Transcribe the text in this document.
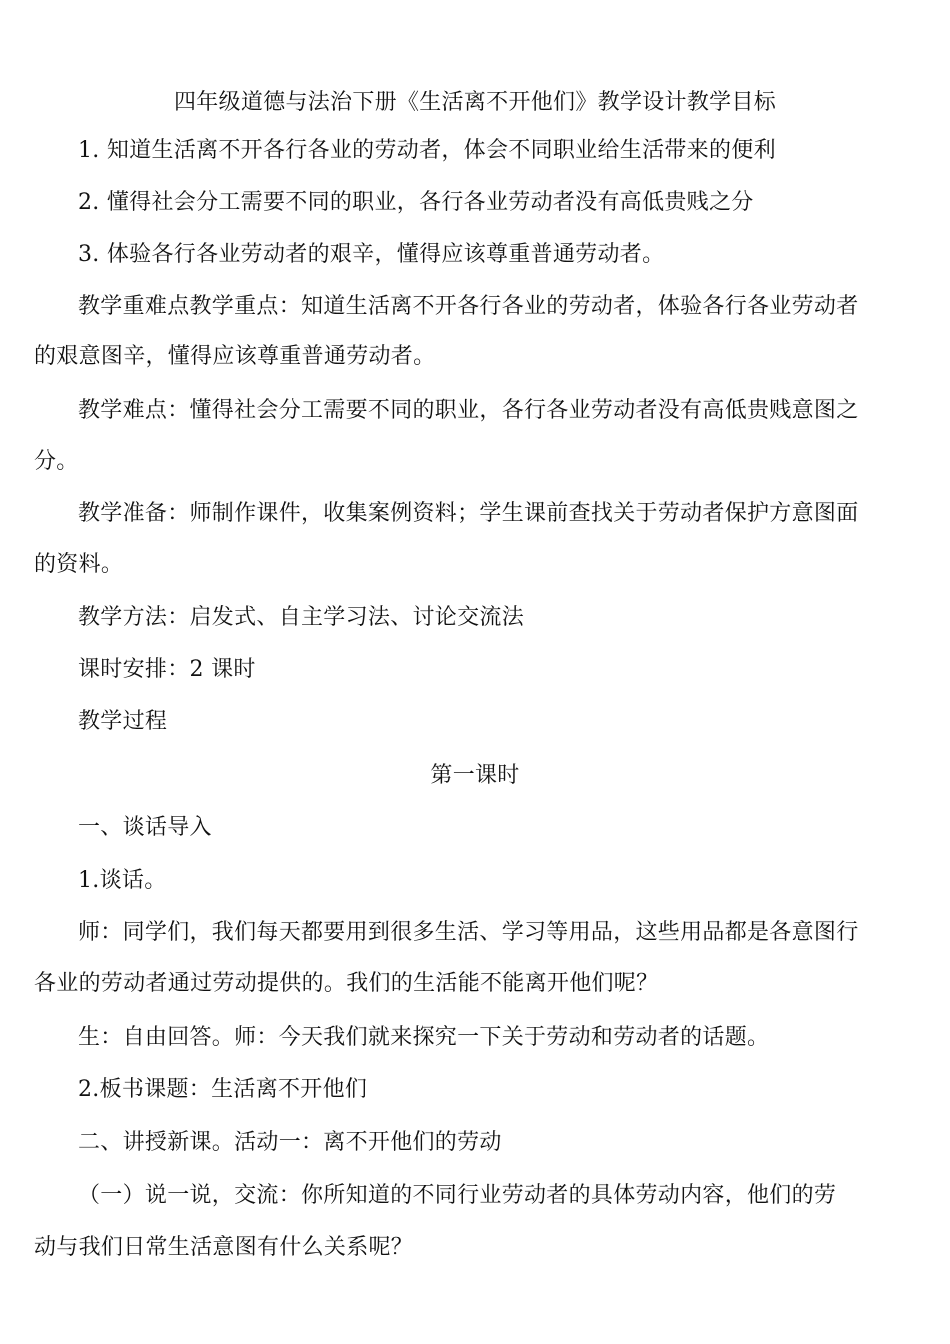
四年级道德与法治下册《生活离不开他们》教学设计教学目标
1. 知道生活离不开各行各业的劳动者，体会不同职业给生活带来的便利
2. 懂得社会分工需要不同的职业，各行各业劳动者没有高低贵贱之分
3. 体验各行各业劳动者的艰辛，懂得应该尊重普通劳动者。
教学重难点教学重点：知道生活离不开各行各业的劳动者，体验各行各业劳动者
的艰意图辛，懂得应该尊重普通劳动者。
教学难点：懂得社会分工需要不同的职业，各行各业劳动者没有高低贵贱意图之
分。
教学准备：师制作课件，收集案例资料；学生课前查找关于劳动者保护方意图面
的资料。
教学方法：启发式、自主学习法、讨论交流法
课时安排：2 课时
教学过程
第一课时
一、谈话导入
1.谈话。
师：同学们，我们每天都要用到很多生活、学习等用品，这些用品都是各意图行
各业的劳动者通过劳动提供的。我们的生活能不能离开他们呢？
生：自由回答。师：今天我们就来探究一下关于劳动和劳动者的话题。
2.板书课题：生活离不开他们
二、讲授新课。活动一：离不开他们的劳动
（一）说一说，交流：你所知道的不同行业劳动者的具体劳动内容，他们的劳
动与我们日常生活意图有什么关系呢？
